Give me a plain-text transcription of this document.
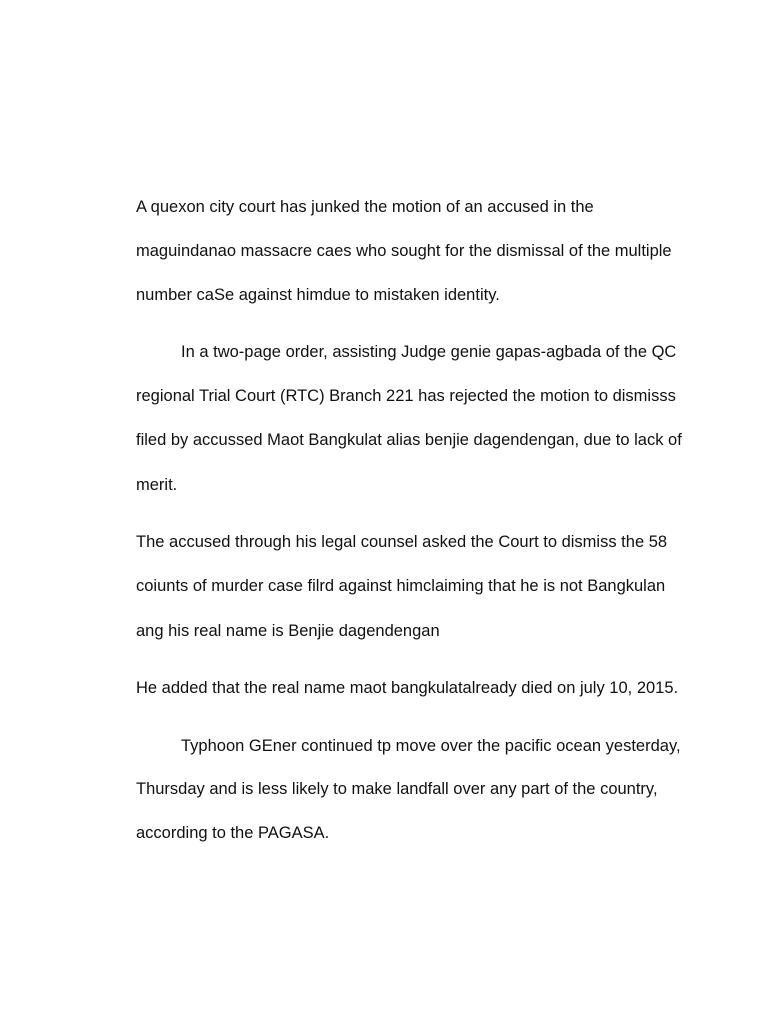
A quexon city court has junked the motion of an accused in the
maguindanao massacre caes who sought for the dismissal of the multiple
number caSe against himdue to mistaken identity.
In a two-page order, assisting Judge genie gapas-agbada of the QC
regional Trial Court (RTC) Branch 221 has rejected the motion to dismisss
filed by accussed Maot Bangkulat alias benjie dagendengan, due to lack of
merit.
The accused through his legal counsel asked the Court to dismiss the 58
coiunts of murder case filrd against himclaiming that he is not Bangkulan
ang his real name is Benjie dagendengan
He added that the real name maot bangkulatalready died on july 10, 2015.
Typhoon GEner continued tp move over the pacific ocean yesterday,
Thursday and is less likely to make landfall over any part of the country,
according to the PAGASA.
